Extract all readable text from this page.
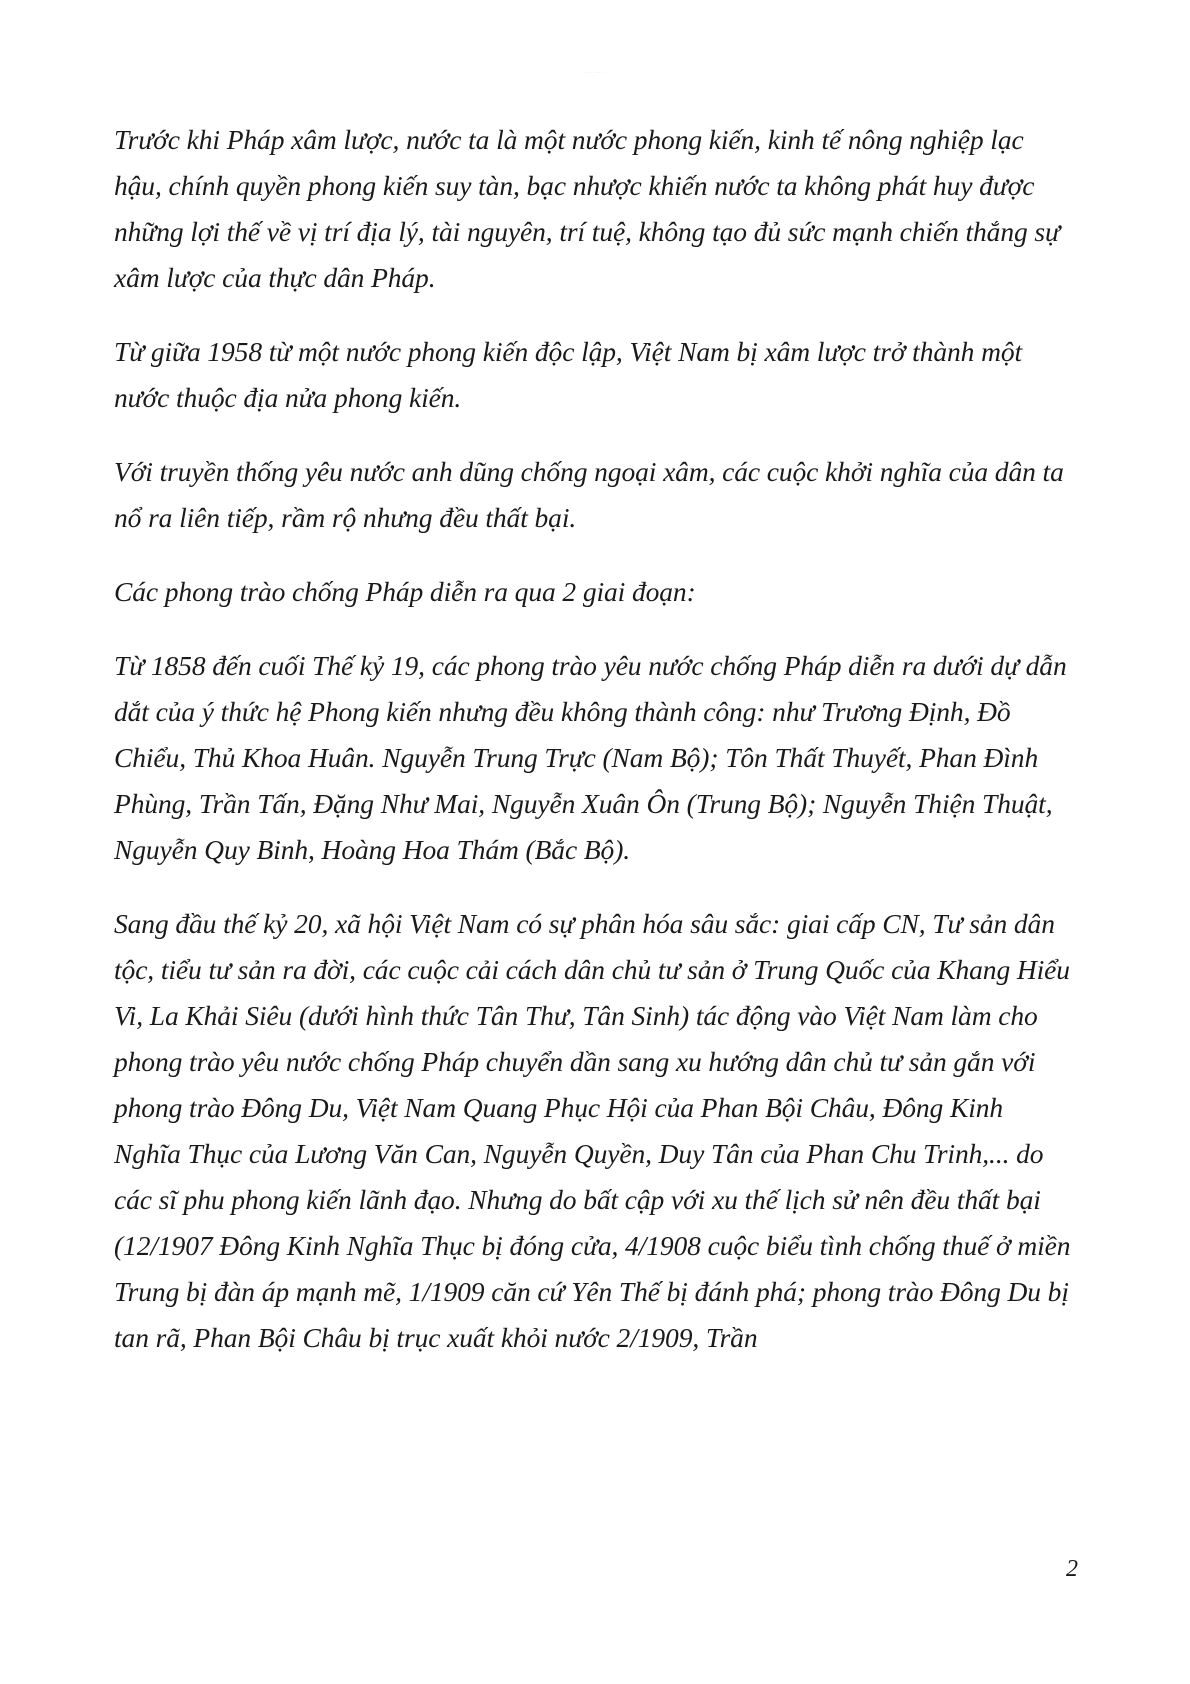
··· ·· ···· ·

Trước khi Pháp xâm lược, nước ta là một nước phong kiến, kinh tế nông nghiệp lạc hậu, chính quyền phong kiến suy tàn, bạc nhược khiến nước ta không phát huy được những lợi thế về vị trí địa lý, tài nguyên, trí tuệ, không tạo đủ sức mạnh chiến thắng sự xâm lược của thực dân Pháp.

Từ giữa 1958 từ một nước phong kiến độc lập, Việt Nam bị xâm lược trở thành một nước thuộc địa nửa phong kiến.

Với truyền thống yêu nước anh dũng chống ngoại xâm, các cuộc khởi nghĩa của dân ta nổ ra liên tiếp, rầm rộ nhưng đều thất bại.

Các phong trào chống Pháp diễn ra qua 2 giai đoạn:

Từ 1858 đến cuối Thế kỷ 19, các phong trào yêu nước chống Pháp diễn ra dưới dự dẫn dắt của ý thức hệ Phong kiến nhưng đều không thành công: như Trương Định, Đồ Chiểu, Thủ Khoa Huân. Nguyễn Trung Trực (Nam Bộ); Tôn Thất Thuyết, Phan Đình Phùng, Trần Tấn, Đặng Như Mai, Nguyễn Xuân Ôn (Trung Bộ); Nguyễn Thiện Thuật, Nguyễn Quy Binh, Hoàng Hoa Thám (Bắc Bộ).

Sang đầu thế kỷ 20, xã hội Việt Nam có sự phân hóa sâu sắc: giai cấp CN, Tư sản dân tộc, tiểu tư sản ra đời, các cuộc cải cách dân chủ tư sản ở Trung Quốc của Khang Hiểu Vi, La Khải Siêu (dưới hình thức Tân Thư, Tân Sinh) tác động vào Việt Nam làm cho phong trào yêu nước chống Pháp chuyển dần sang xu hướng dân chủ tư sản gắn với phong trào Đông Du, Việt Nam Quang Phục Hội của Phan Bội Châu, Đông Kinh Nghĩa Thục của Lương Văn Can, Nguyễn Quyền, Duy Tân của Phan Chu Trinh,... do các sĩ phu phong kiến lãnh đạo. Nhưng do bất cập với xu thế lịch sử nên đều thất bại (12/1907 Đông Kinh Nghĩa Thục bị đóng cửa, 4/1908 cuộc biểu tình chống thuế ở miền Trung bị đàn áp mạnh mẽ, 1/1909 căn cứ Yên Thế bị đánh phá; phong trào Đông Du bị tan rã, Phan Bội Châu bị trục xuất khỏi nước 2/1909, Trần

2
